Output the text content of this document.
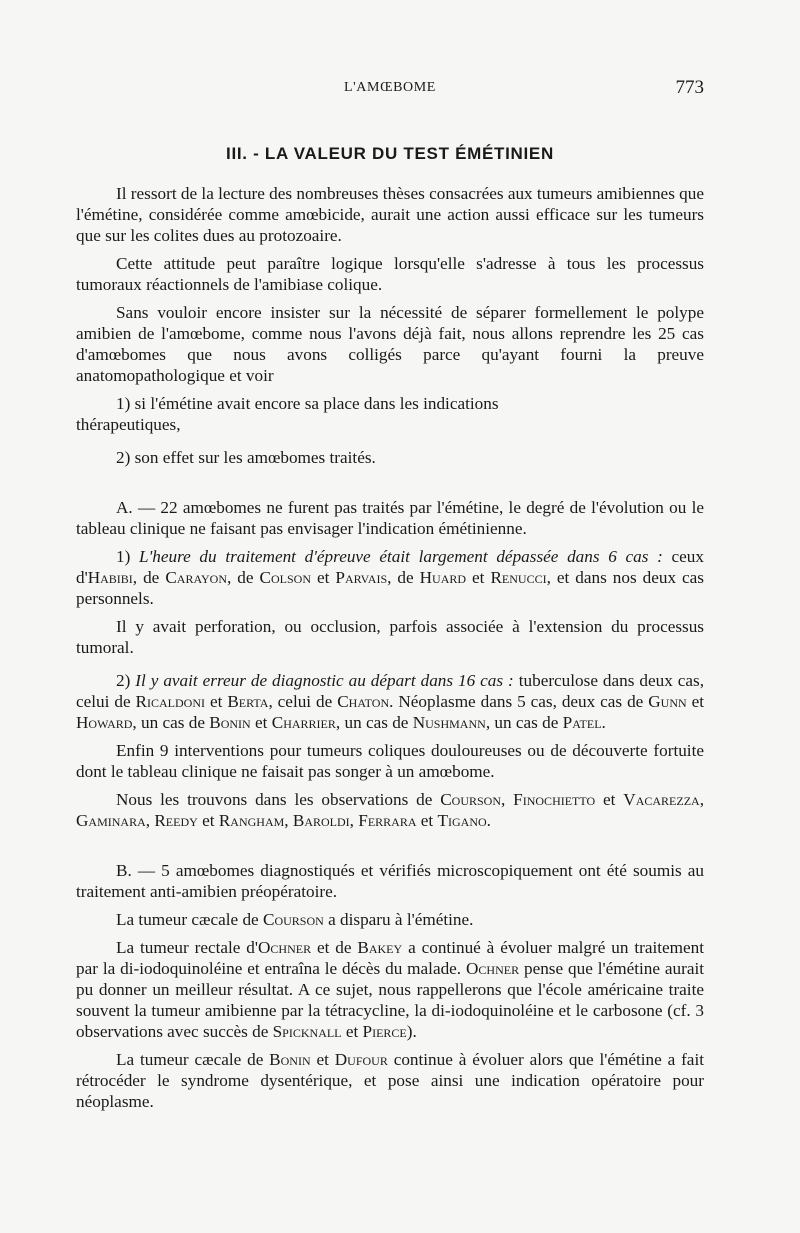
L'AMŒBOME	773
III. - LA VALEUR DU TEST ÉMÉTINIEN

Il ressort de la lecture des nombreuses thèses consacrées aux tumeurs amibiennes que l'émétine, considérée comme amœbicide, aurait une action aussi efficace sur les tumeurs que sur les colites dues au protozoaire.

Cette attitude peut paraître logique lorsqu'elle s'adresse à tous les processus tumoraux réactionnels de l'amibiase colique.

Sans vouloir encore insister sur la nécessité de séparer formellement le polype amibien de l'amœbome, comme nous l'avons déjà fait, nous allons reprendre les 25 cas d'amœbomes que nous avons colligés parce qu'ayant fourni la preuve anatomopathologique et voir

1) si l'émétine avait encore sa place dans les indications
thérapeutiques,

2) son effet sur les amœbomes traités.

A. — 22 amœbomes ne furent pas traités par l'émétine, le degré de l'évolution ou le tableau clinique ne faisant pas envisager l'indication émétinienne.

1) L'heure du traitement d'épreuve était largement dépassée dans 6 cas : ceux d'Habibi, de Carayon, de Colson et Parvais, de Huard et Renucci, et dans nos deux cas personnels.

Il y avait perforation, ou occlusion, parfois associée à l'extension du processus tumoral.

2) Il y avait erreur de diagnostic au départ dans 16 cas : tuberculose dans deux cas, celui de Ricaldoni et Berta, celui de Chaton. Néoplasme dans 5 cas, deux cas de Gunn et Howard, un cas de Bonin et Charrier, un cas de Nushmann, un cas de Patel.

Enfin 9 interventions pour tumeurs coliques douloureuses ou de découverte fortuite dont le tableau clinique ne faisait pas songer à un amœbome.

Nous les trouvons dans les observations de Courson, Finochietto et Vacarezza, Gaminara, Reedy et Rangham, Baroldi, Ferrara et Tigano.

B. — 5 amœbomes diagnostiqués et vérifiés microscopiquement ont été soumis au traitement anti-amibien préopératoire.

La tumeur cæcale de Courson a disparu à l'émétine.

La tumeur rectale d'Ochner et de Bakey a continué à évoluer malgré un traitement par la di-iodoquinoléine et entraîna le décès du malade. Ochner pense que l'émétine aurait pu donner un meilleur résultat. A ce sujet, nous rappellerons que l'école américaine traite souvent la tumeur amibienne par la tétracycline, la di-iodoquinoléine et le carbosone (cf. 3 observations avec succès de Spicknall et Pierce).

La tumeur cæcale de Bonin et Dufour continue à évoluer alors que l'émétine a fait rétrocéder le syndrome dysentérique, et pose ainsi une indication opératoire pour néoplasme.
